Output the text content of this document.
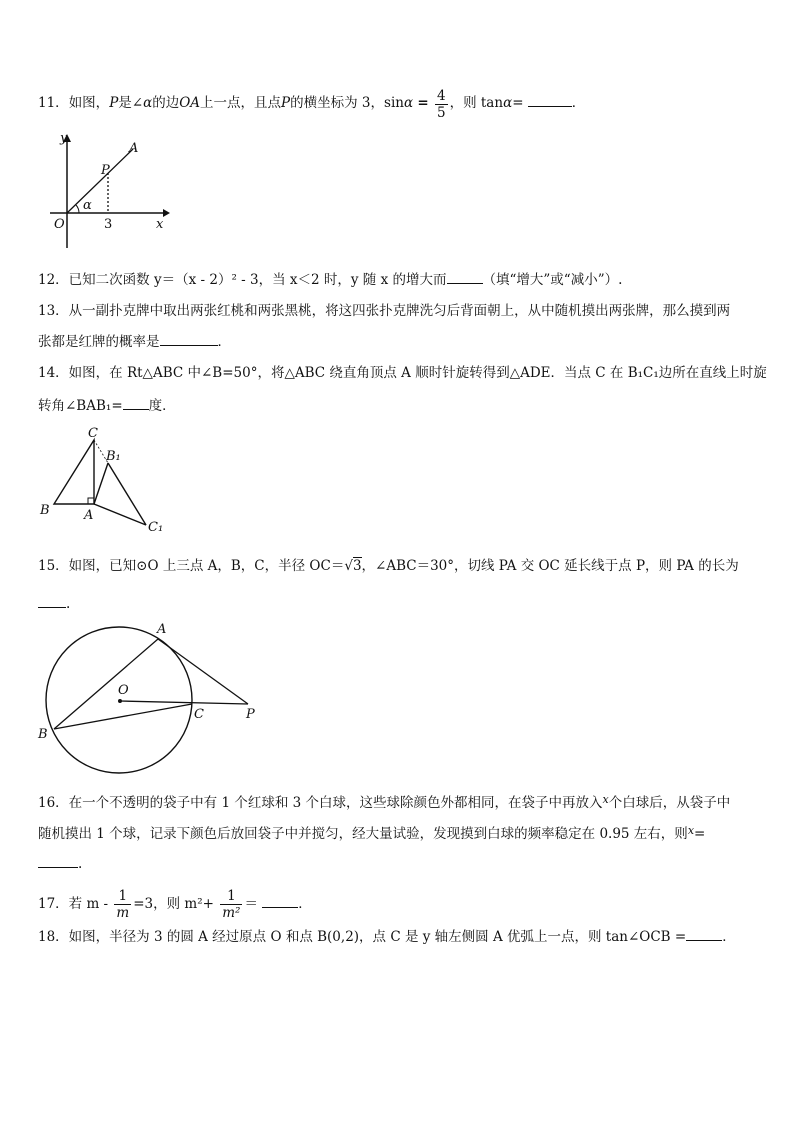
11．如图，P是∠α的边OA上一点，且点P的横坐标为 3，$\sin\alpha = \frac{4}{5}$ ，则 tanα=	．
y
A
P
α
O	3	x
12．已知二次函数 y＝（x - 2）² - 3，当 x＜2 时，y 随 x 的增大而	（填“增大”或“减小”）.
13．从一副扑克牌中取出两张红桃和两张黑桃，将这四张扑克牌洗匀后背面朝上，从中随机摸出两张牌，那么摸到两
张都是红牌的概率是	．
14．如图，在 Rt△ABC 中∠B=50°，将△ABC 绕直角顶点 A 顺时针旋转得到△ADE．当点 C 在 B₁C₁边所在直线上时旋
转角∠BAB₁= 度．
C
B₁
B	A
C₁
15．如图，已知⊙O 上三点 A，B，C，半径 OC＝√3，∠ABC＝30°，切线 PA 交 OC 延长线于点 P，则 PA 的长为
.
A
O
C	P
B
16．在一个不透明的袋子中有 1 个红球和 3 个白球，这些球除颜色外都相同，在袋子中再放入$^x$个白球后，从袋子中
随机摸出 1 个球，记录下颜色后放回袋子中并搅匀，经大量试验，发现摸到白球的频率稳定在 0.95 左右，则$^x$=
.
17．若 $m - \frac{1}{m} =3$，则 $m^2+ \frac{1}{\text{m²}}$ ＝	．
18．如图，半径为 3 的圆 A 经过原点 O 和点 B(0,2)，点 C 是 y 轴左侧圆 A 优弧上一点，则 tan∠OCB =	．
